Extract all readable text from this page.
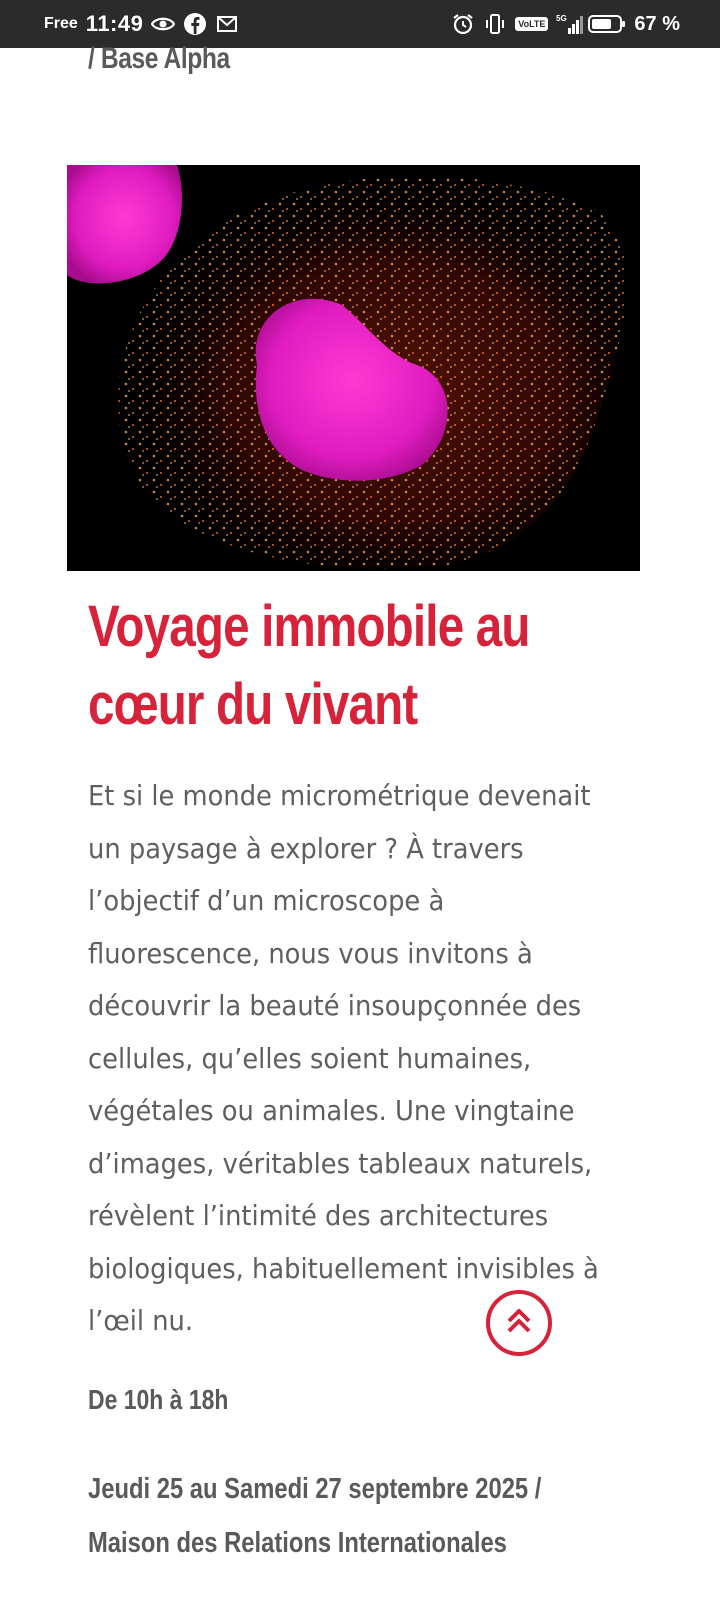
Free 11:49	VoLTE
5G	67 %
/ Base Alpha
Voyage immobile au cœur du vivant

Et si le monde micrométrique devenait un paysage à explorer ? À travers l’objectif d’un microscope à fluorescence, nous vous invitons à découvrir la beauté insoupçonnée des cellules, qu’elles soient humaines, végétales ou animales. Une vingtaine d’images, véritables tableaux naturels, révèlent l’intimité des architectures biologiques, habituellement invisibles à l’œil nu.

De 10h à 18h
Jeudi 25 au Samedi 27 septembre 2025 / Maison des Relations Internationales
